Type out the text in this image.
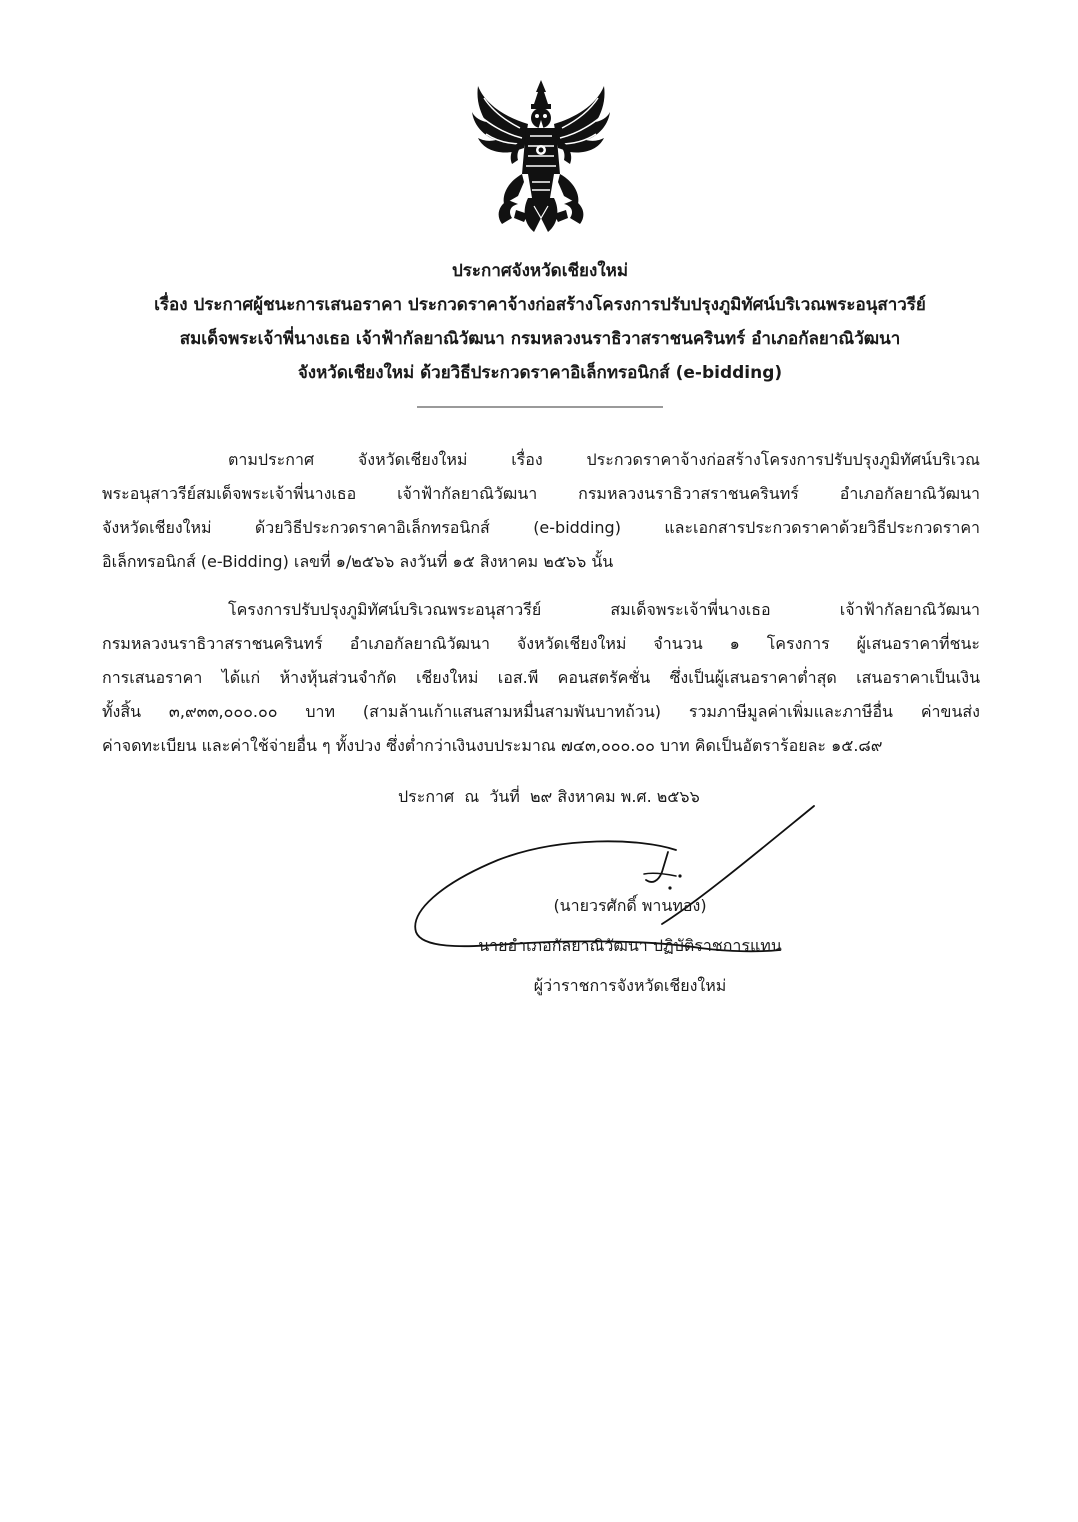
ประกาศจังหวัดเชียงใหม่
เรื่อง ประกาศผู้ชนะการเสนอราคา ประกวดราคาจ้างก่อสร้างโครงการปรับปรุงภูมิทัศน์บริเวณพระอนุสาวรีย์
สมเด็จพระเจ้าพี่นางเธอ เจ้าฟ้ากัลยาณิวัฒนา กรมหลวงนราธิวาสราชนครินทร์ อำเภอกัลยาณิวัฒนา
จังหวัดเชียงใหม่ ด้วยวิธีประกวดราคาอิเล็กทรอนิกส์ (e-bidding)
ตามประกาศ จังหวัดเชียงใหม่ เรื่อง ประกวดราคาจ้างก่อสร้างโครงการปรับปรุงภูมิทัศน์บริเวณ
พระอนุสาวรีย์สมเด็จพระเจ้าพี่นางเธอ เจ้าฟ้ากัลยาณิวัฒนา กรมหลวงนราธิวาสราชนครินทร์ อำเภอกัลยาณิวัฒนา
จังหวัดเชียงใหม่ ด้วยวิธีประกวดราคาอิเล็กทรอนิกส์ (e-bidding) และเอกสารประกวดราคาด้วยวิธีประกวดราคา
อิเล็กทรอนิกส์ (e-Bidding) เลขที่ ๑/๒๕๖๖ ลงวันที่ ๑๕ สิงหาคม ๒๕๖๖ นั้น
โครงการปรับปรุงภูมิทัศน์บริเวณพระอนุสาวรีย์ สมเด็จพระเจ้าพี่นางเธอ เจ้าฟ้ากัลยาณิวัฒนา
กรมหลวงนราธิวาสราชนครินทร์ อำเภอกัลยาณิวัฒนา จังหวัดเชียงใหม่ จำนวน ๑ โครงการ ผู้เสนอราคาที่ชนะ
การเสนอราคา ได้แก่ ห้างหุ้นส่วนจำกัด เชียงใหม่ เอส.พี คอนสตรัคชั่น ซึ่งเป็นผู้เสนอราคาต่ำสุด เสนอราคาเป็นเงิน
ทั้งสิ้น ๓,๙๓๓,๐๐๐.๐๐ บาท (สามล้านเก้าแสนสามหมื่นสามพันบาทถ้วน) รวมภาษีมูลค่าเพิ่มและภาษีอื่น ค่าขนส่ง
ค่าจดทะเบียน และค่าใช้จ่ายอื่น ๆ ทั้งปวง ซึ่งต่ำกว่าเงินงบประมาณ ๗๔๓,๐๐๐.๐๐ บาท คิดเป็นอัตราร้อยละ ๑๕.๘๙
ประกาศ  ณ  วันที่  ๒๙ สิงหาคม พ.ศ. ๒๕๖๖
(นายวรศักดิ์ พานทอง)
นายอำเภอกัลยาณิวัฒนา ปฏิบัติราชการแทน
ผู้ว่าราชการจังหวัดเชียงใหม่
